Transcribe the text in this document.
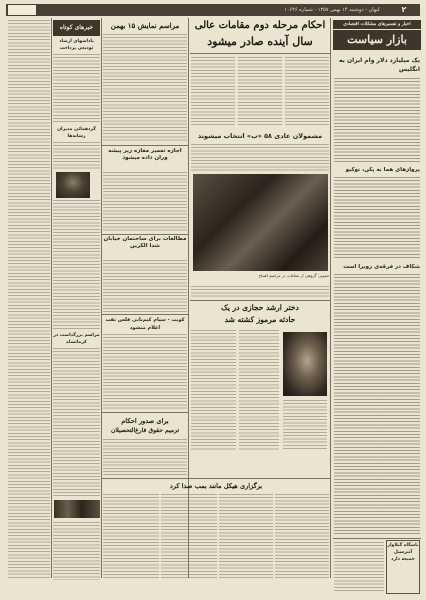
کیهان - دوشنبه ۱۴ بهمن ۱۳۵۷ - شماره ۱۰۶۴۶	۲
اخبار و تفسیرهای مشکلات اقتصادی
بازار سیاست
یک میلیارد دلار وام ایران به انگلیس
پروازهای هما به پکن، توکیو
شکاف در فرقه‌ی روبرا است
باشگاه گیلاوار آنترسیل جمیعه دارد
احکام مرحله دوم مقامات عالی
سال آینده صادر میشود
مشمولان عادی ۵۸ «ب» انتخاب میشوند
تصویر: گروهی از مقامات در مراسم افتتاح
دختر ارشد حجازی در یک
حادثه مرموز کشته شد
برای صدور احکام
ترمیم حقوق فارغ‌التحصیلان
برگزاری هیکل مانند بمب صدا کرد
مراسم نمایش ۱۵ بهمن
اجازه تعمیر مغازه زیر پیشه وران داده میشود
مطالعات برای ساختمان خیابان شدا الکرین
کویت - سیام کیم‌بانی فلس نفت اعلام میشود
خبرهای کوتاه
پاداشهای ارشاد تودیعی پرداخت
گردهمائی مدیران رسانه‌ها
مراسم بزرگداشت در کرمانشاه
